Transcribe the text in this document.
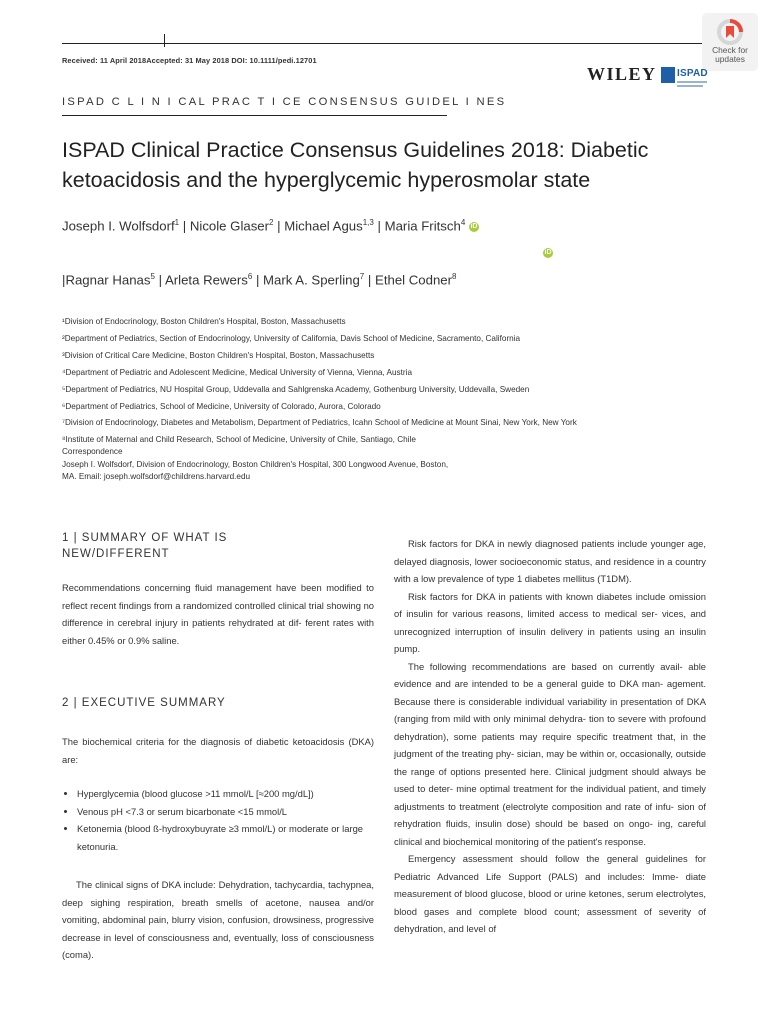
Received: 11 April 2018Accepted: 31 May 2018 DOI: 10.1111/pedi.12701
Check for
updates
WILEY ISPAD
ISPAD C L I N I CAL PRAC T I CE CONSENSUS GUIDEL I NES
ISPAD Clinical Practice Consensus Guidelines 2018: Diabetic ketoacidosis and the hyperglycemic hyperosmolar state
Joseph I. Wolfsdorf$^1$ | Nicole Glaser$^2$ | Michael Agus$^{1,3}$ | Maria Fritsch$^4$ iD
iD
|Ragnar Hanas$^5$ | Arleta Rewers$^6$ | Mark A. Sperling$^7$ | Ethel Codner$^8$

¹Division of Endocrinology, Boston Children's Hospital, Boston, Massachusetts

²Department of Pediatrics, Section of Endocrinology, University of California, Davis School of Medicine, Sacramento, California

³Division of Critical Care Medicine, Boston Children's Hospital, Boston, Massachusetts

⁴Department of Pediatric and Adolescent Medicine, Medical University of Vienna, Vienna, Austria

⁵Department of Pediatrics, NU Hospital Group, Uddevalla and Sahlgrenska Academy, Gothenburg University, Uddevalla, Sweden

⁶Department of Pediatrics, School of Medicine, University of Colorado, Aurora, Colorado

⁷Division of Endocrinology, Diabetes and Metabolism, Department of Pediatrics, Icahn School of Medicine at Mount Sinai, New York, New York

⁸Institute of Maternal and Child Research, School of Medicine, University of Chile, Santiago, Chile

Correspondence

Joseph I. Wolfsdorf, Division of Endocrinology, Boston Children's Hospital, 300 Longwood Avenue, Boston,

MA. Email: joseph.wolfsdorf@childrens.harvard.edu

1 | SUMMARY OF WHAT IS NEW/DIFFERENT
Recommendations concerning fluid management have been modified to reflect recent findings from a randomized controlled clinical trial showing no difference in cerebral injury in patients rehydrated at dif- ferent rates with either 0.45% or 0.9% saline.
2 | EXECUTIVE SUMMARY
The biochemical criteria for the diagnosis of diabetic ketoacidosis (DKA) are:
• Hyperglycemia (blood glucose >11 mmol/L [≈200 mg/dL])
• Venous pH <7.3 or serum bicarbonate <15 mmol/L
• Ketonemia (blood ß-hydroxybuyrate ≥3 mmol/L) or moderate or large ketonuria.
The clinical signs of DKA include: Dehydration, tachycardia, tachypnea, deep sighing respiration, breath smells of acetone, nausea and/or vomiting, abdominal pain, blurry vision, confusion, drowsiness, progressive decrease in level of consciousness and, eventually, loss of consciousness (coma).

Risk factors for DKA in newly diagnosed patients include younger age, delayed diagnosis, lower socioeconomic status, and residence in a country with a low prevalence of type 1 diabetes mellitus (T1DM).

Risk factors for DKA in patients with known diabetes include omission of insulin for various reasons, limited access to medical ser- vices, and unrecognized interruption of insulin delivery in patients using an insulin pump.

The following recommendations are based on currently avail- able evidence and are intended to be a general guide to DKA man- agement. Because there is considerable individual variability in presentation of DKA (ranging from mild with only minimal dehydra- tion to severe with profound dehydration), some patients may require specific treatment that, in the judgment of the treating phy- sician, may be within or, occasionally, outside the range of options presented here. Clinical judgment should always be used to deter- mine optimal treatment for the individual patient, and timely adjustments to treatment (electrolyte composition and rate of infu- sion of rehydration fluids, insulin dose) should be based on ongo- ing, careful clinical and biochemical monitoring of the patient's response.

Emergency assessment should follow the general guidelines for Pediatric Advanced Life Support (PALS) and includes: Imme- diate measurement of blood glucose, blood or urine ketones, serum electrolytes, blood gases and complete blood count; assessment of severity of dehydration, and level of
